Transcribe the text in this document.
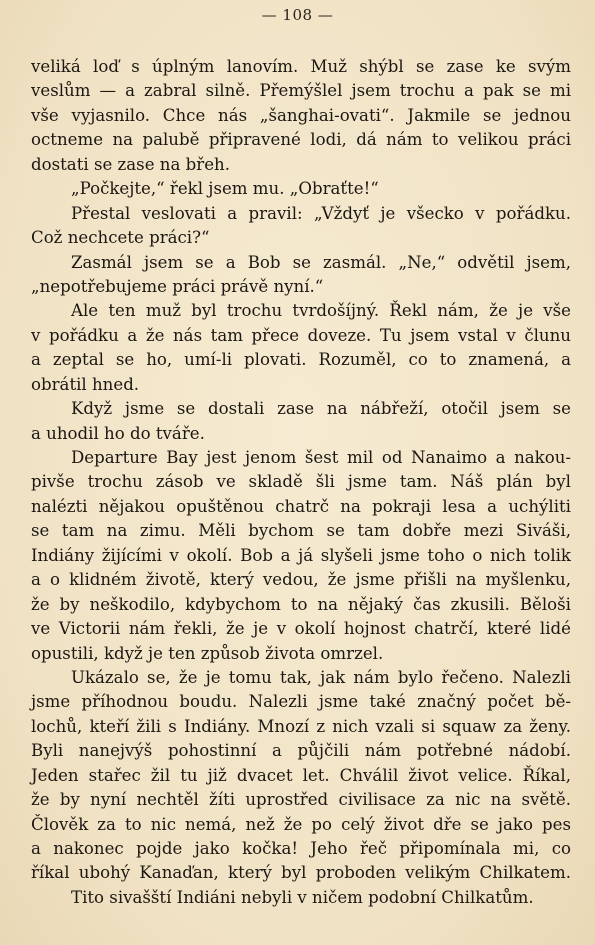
— 108 —
veliká loď s úplným lanovím. Muž shýbl se zase ke svým
veslům — a zabral silně. Přemýšlel jsem trochu a pak se mi
vše vyjasnilo. Chce nás „šanghai-ovati“. Jakmile se jednou
octneme na palubě připravené lodi, dá nám to velikou práci
dostati se zase na břeh.
„Počkejte,“ řekl jsem mu. „Obraťte!“
Přestal veslovati a pravil: „Vždyť je všecko v pořádku.
Což nechcete práci?“
Zasmál jsem se a Bob se zasmál. „Ne,“ odvětil jsem,
„nepotřebujeme práci právě nyní.“
Ale ten muž byl trochu tvrdošíjný. Řekl nám, že je vše
v pořádku a že nás tam přece doveze. Tu jsem vstal v člunu
a zeptal se ho, umí-li plovati. Rozuměl, co to znamená, a
obrátil hned.
Když jsme se dostali zase na nábřeží, otočil jsem se
a uhodil ho do tváře.
Departure Bay jest jenom šest mil od Nanaimo a nakou-
pivše trochu zásob ve skladě šli jsme tam. Náš plán byl
nalézti nějakou opuštěnou chatrč na pokraji lesa a uchýliti
se tam na zimu. Měli bychom se tam dobře mezi Siváši,
Indiány žijícími v okolí. Bob a já slyšeli jsme toho o nich tolik
a o klidném životě, který vedou, že jsme přišli na myšlenku,
že by neškodilo, kdybychom to na nějaký čas zkusili. Běloši
ve Victorii nám řekli, že je v okolí hojnost chatrčí, které lidé
opustili, když je ten způsob života omrzel.
Ukázalo se, že je tomu tak, jak nám bylo řečeno. Nalezli
jsme příhodnou boudu. Nalezli jsme také značný počet bě-
lochů, kteří žili s Indiány. Mnozí z nich vzali si squaw za ženy.
Byli nanejvýš pohostinní a půjčili nám potřebné nádobí.
Jeden stařec žil tu již dvacet let. Chválil život velice. Říkal,
že by nyní nechtěl žíti uprostřed civilisace za nic na světě.
Člověk za to nic nemá, než že po celý život dře se jako pes
a nakonec pojde jako kočka! Jeho řeč připomínala mi, co
říkal ubohý Kanaďan, který byl proboden velikým Chilkatem.
Tito sivašští Indiáni nebyli v ničem podobní Chilkatům.
